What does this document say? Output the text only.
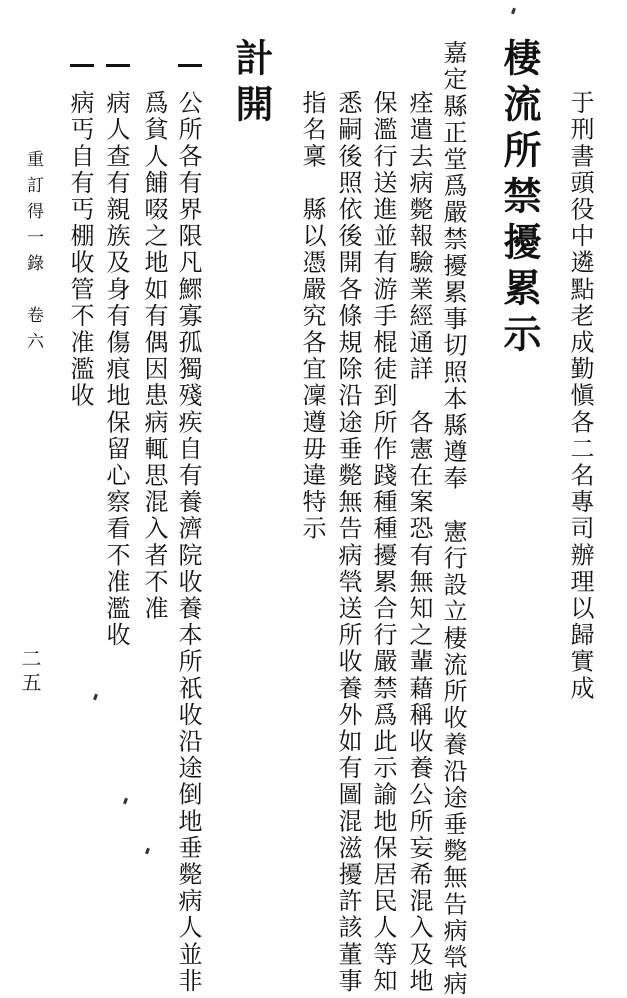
于刑書頭役中遴點老成勤愼各二名專司辦理以歸實成
棲流所禁擾累示
嘉定縣正堂爲嚴禁擾累事切照本縣遵奉　憲行設立棲流所收養沿途垂斃無告病煢病
痊遣去病斃報驗業經通詳　各憲在案恐有無知之輩藉稱收養公所妄希混入及地
保濫行送進並有游手棍徒到所作踐種種擾累合行嚴禁爲此示諭地保居民人等知
悉嗣後照依後開各條規除沿途垂斃無告病煢送所收養外如有圖混滋擾許該董事
指名稟　縣以憑嚴究各宜凜遵毋違特示
計開
公所各有界限凡鰥寡孤獨殘疾自有養濟院收養本所祇收沿途倒地垂斃病人並非
爲貧人餔啜之地如有偶因患病輒思混入者不准
病人查有親族及身有傷痕地保留心察看不准濫收
病丐自有丐棚收管不准濫收
重訂得一錄　卷六
二五
